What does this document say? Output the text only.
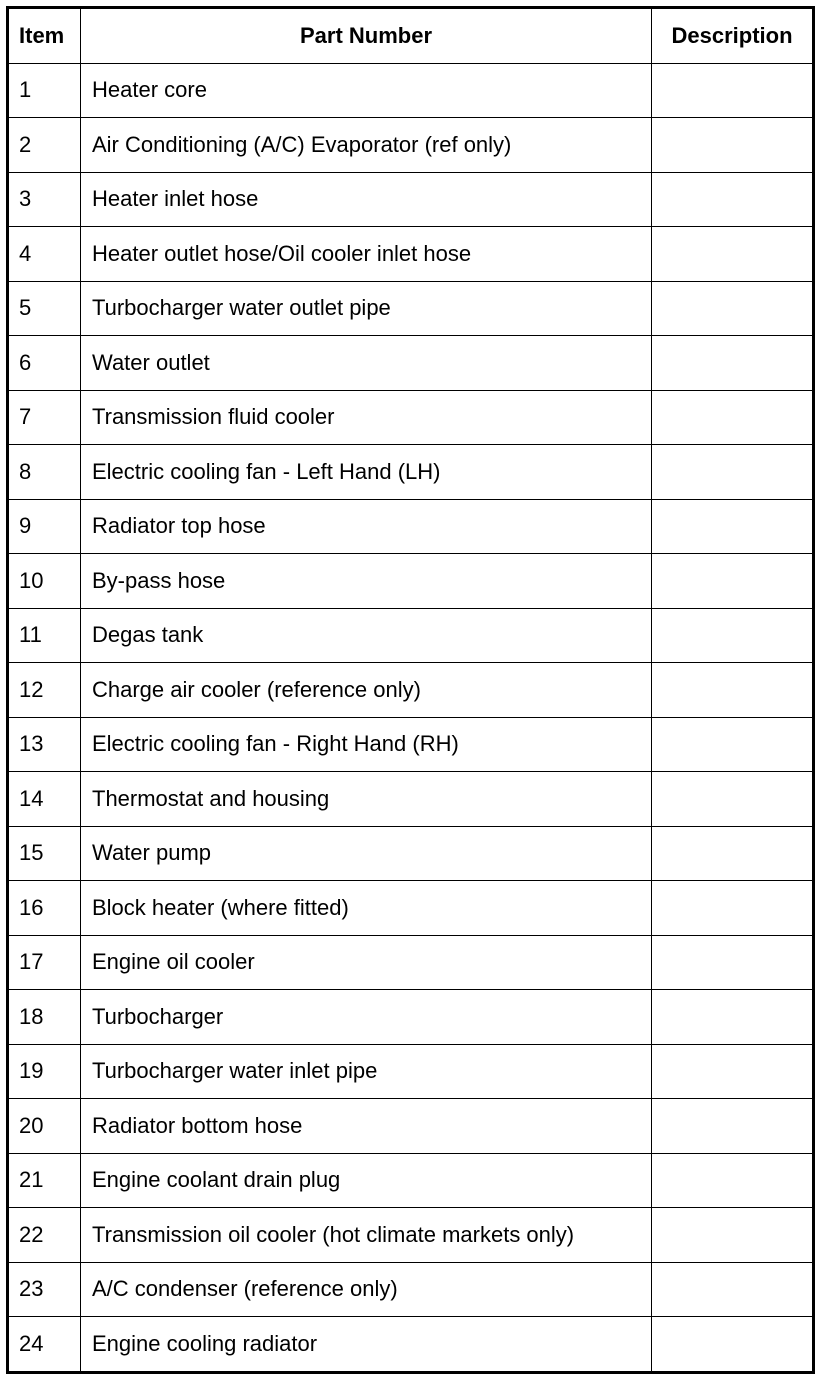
Item	Part Number	Description
1	Heater core	
2	Air Conditioning (A/C) Evaporator (ref only)	
3	Heater inlet hose	
4	Heater outlet hose/Oil cooler inlet hose	
5	Turbocharger water outlet pipe	
6	Water outlet	
7	Transmission fluid cooler	
8	Electric cooling fan - Left Hand (LH)	
9	Radiator top hose	
10	By-pass hose	
11	Degas tank	
12	Charge air cooler (reference only)	
13	Electric cooling fan - Right Hand (RH)	
14	Thermostat and housing	
15	Water pump	
16	Block heater (where fitted)	
17	Engine oil cooler	
18	Turbocharger	
19	Turbocharger water inlet pipe	
20	Radiator bottom hose	
21	Engine coolant drain plug	
22	Transmission oil cooler (hot climate markets only)	
23	A/C condenser (reference only)	
24	Engine cooling radiator	
